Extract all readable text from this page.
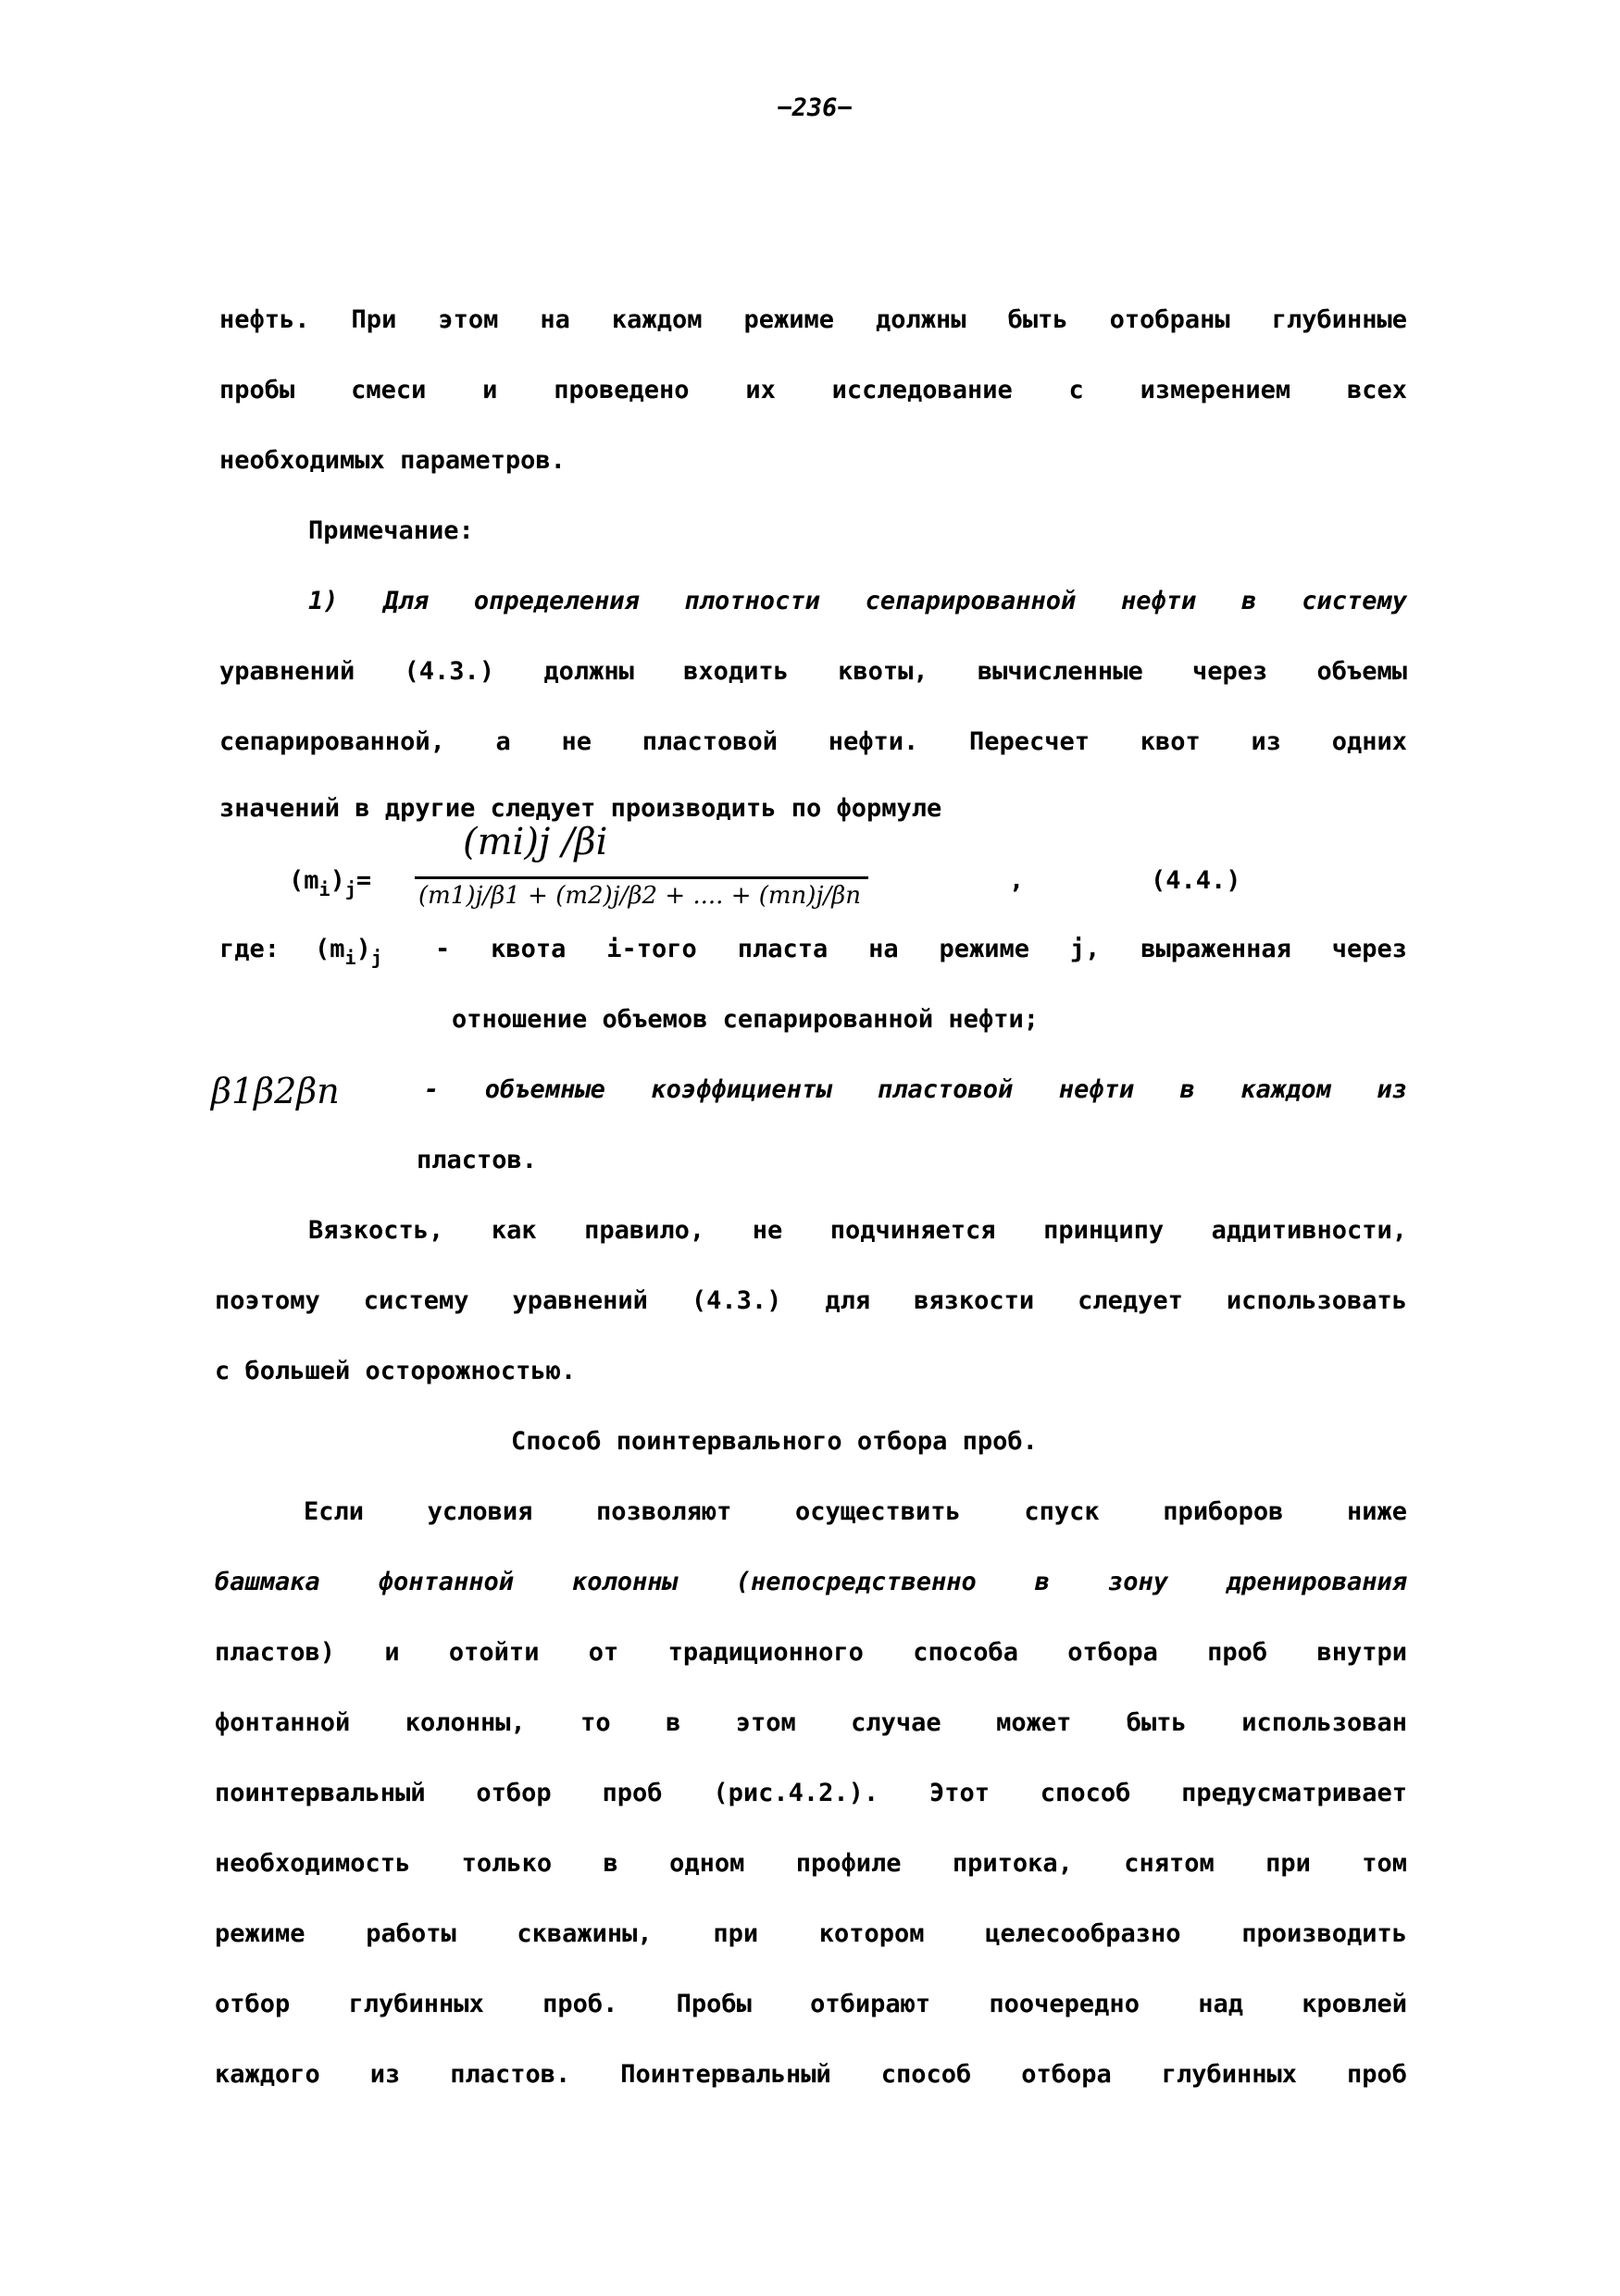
−236−
нефть. При этом на каждом режиме должны быть отобраны глубинные
пробы смеси и проведено их исследование с измерением всех
необходимых параметров.
Примечание:
1) Для определения плотности сепарированной нефти в систему
уравнений (4.3.) должны входить квоты, вычисленные через объемы
сепарированной, а не пластовой нефти. Пересчет квот из одних
значений в другие следует производить по формуле
$(m_i)_j=$
(mi)j /βi
(m1)j/β1 + (m2)j/β2 + .... + (mn)j/βn
,	(4.4.)
где: $(m_i)_j$ - квота i-того пласта на режиме j, выраженная через
отношение объемов сепарированной нефти;
β1β2βn	- объемные коэффициенты пластовой нефти в каждом из
пластов.
Вязкость, как правило, не подчиняется принципу аддитивности,
поэтому систему уравнений (4.3.) для вязкости следует использовать
с большей осторожностью.
Способ поинтервального отбора проб.
Если условия позволяют осуществить спуск приборов ниже
башмака фонтанной колонны (непосредственно в зону дренирования
пластов) и отойти от традиционного способа отбора проб внутри
фонтанной колонны, то в этом случае может быть использован
поинтервальный отбор проб (рис.4.2.). Этот способ предусматривает
необходимость только в одном профиле притока, снятом при том
режиме работы скважины, при котором целесообразно производить
отбор глубинных проб. Пробы отбирают поочередно над кровлей
каждого из пластов. Поинтервальный способ отбора глубинных проб
